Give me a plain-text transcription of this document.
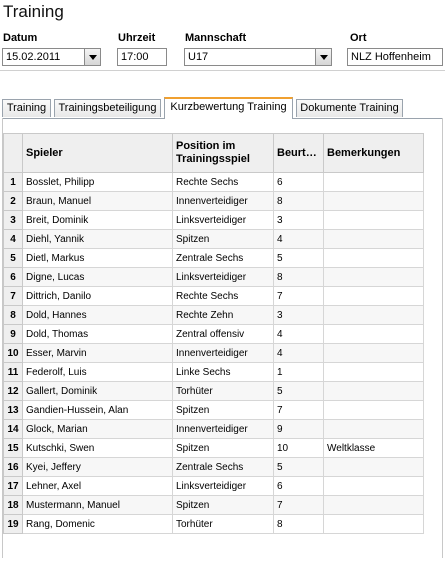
Training
Datum	Uhrzeit	Mannschaft	Ort
15.02.2011	17:00	U17	NLZ Hoffenheim
Training	Trainingsbeteiligung	Kurzbewertung Training	Dokumente Training
	Spieler	Position im Trainingsspiel	Beurt…	Bemerkungen
1	Bosslet, Philipp	Rechte Sechs	6	
2	Braun, Manuel	Innenverteidiger	8	
3	Breit, Dominik	Linksverteidiger	3	
4	Diehl, Yannik	Spitzen	4	
5	Dietl, Markus	Zentrale Sechs	5	
6	Digne, Lucas	Linksverteidiger	8	
7	Dittrich, Danilo	Rechte Sechs	7	
8	Dold, Hannes	Rechte Zehn	3	
9	Dold, Thomas	Zentral offensiv	4	
10	Esser, Marvin	Innenverteidiger	4	
11	Federolf, Luis	Linke Sechs	1	
12	Gallert, Dominik	Torhüter	5	
13	Gandien-Hussein, Alan	Spitzen	7	
14	Glock, Marian	Innenverteidiger	9	
15	Kutschki, Swen	Spitzen	10	Weltklasse
16	Kyei, Jeffery	Zentrale Sechs	5	
17	Lehner, Axel	Linksverteidiger	6	
18	Mustermann, Manuel	Spitzen	7	
19	Rang, Domenic	Torhüter	8	
